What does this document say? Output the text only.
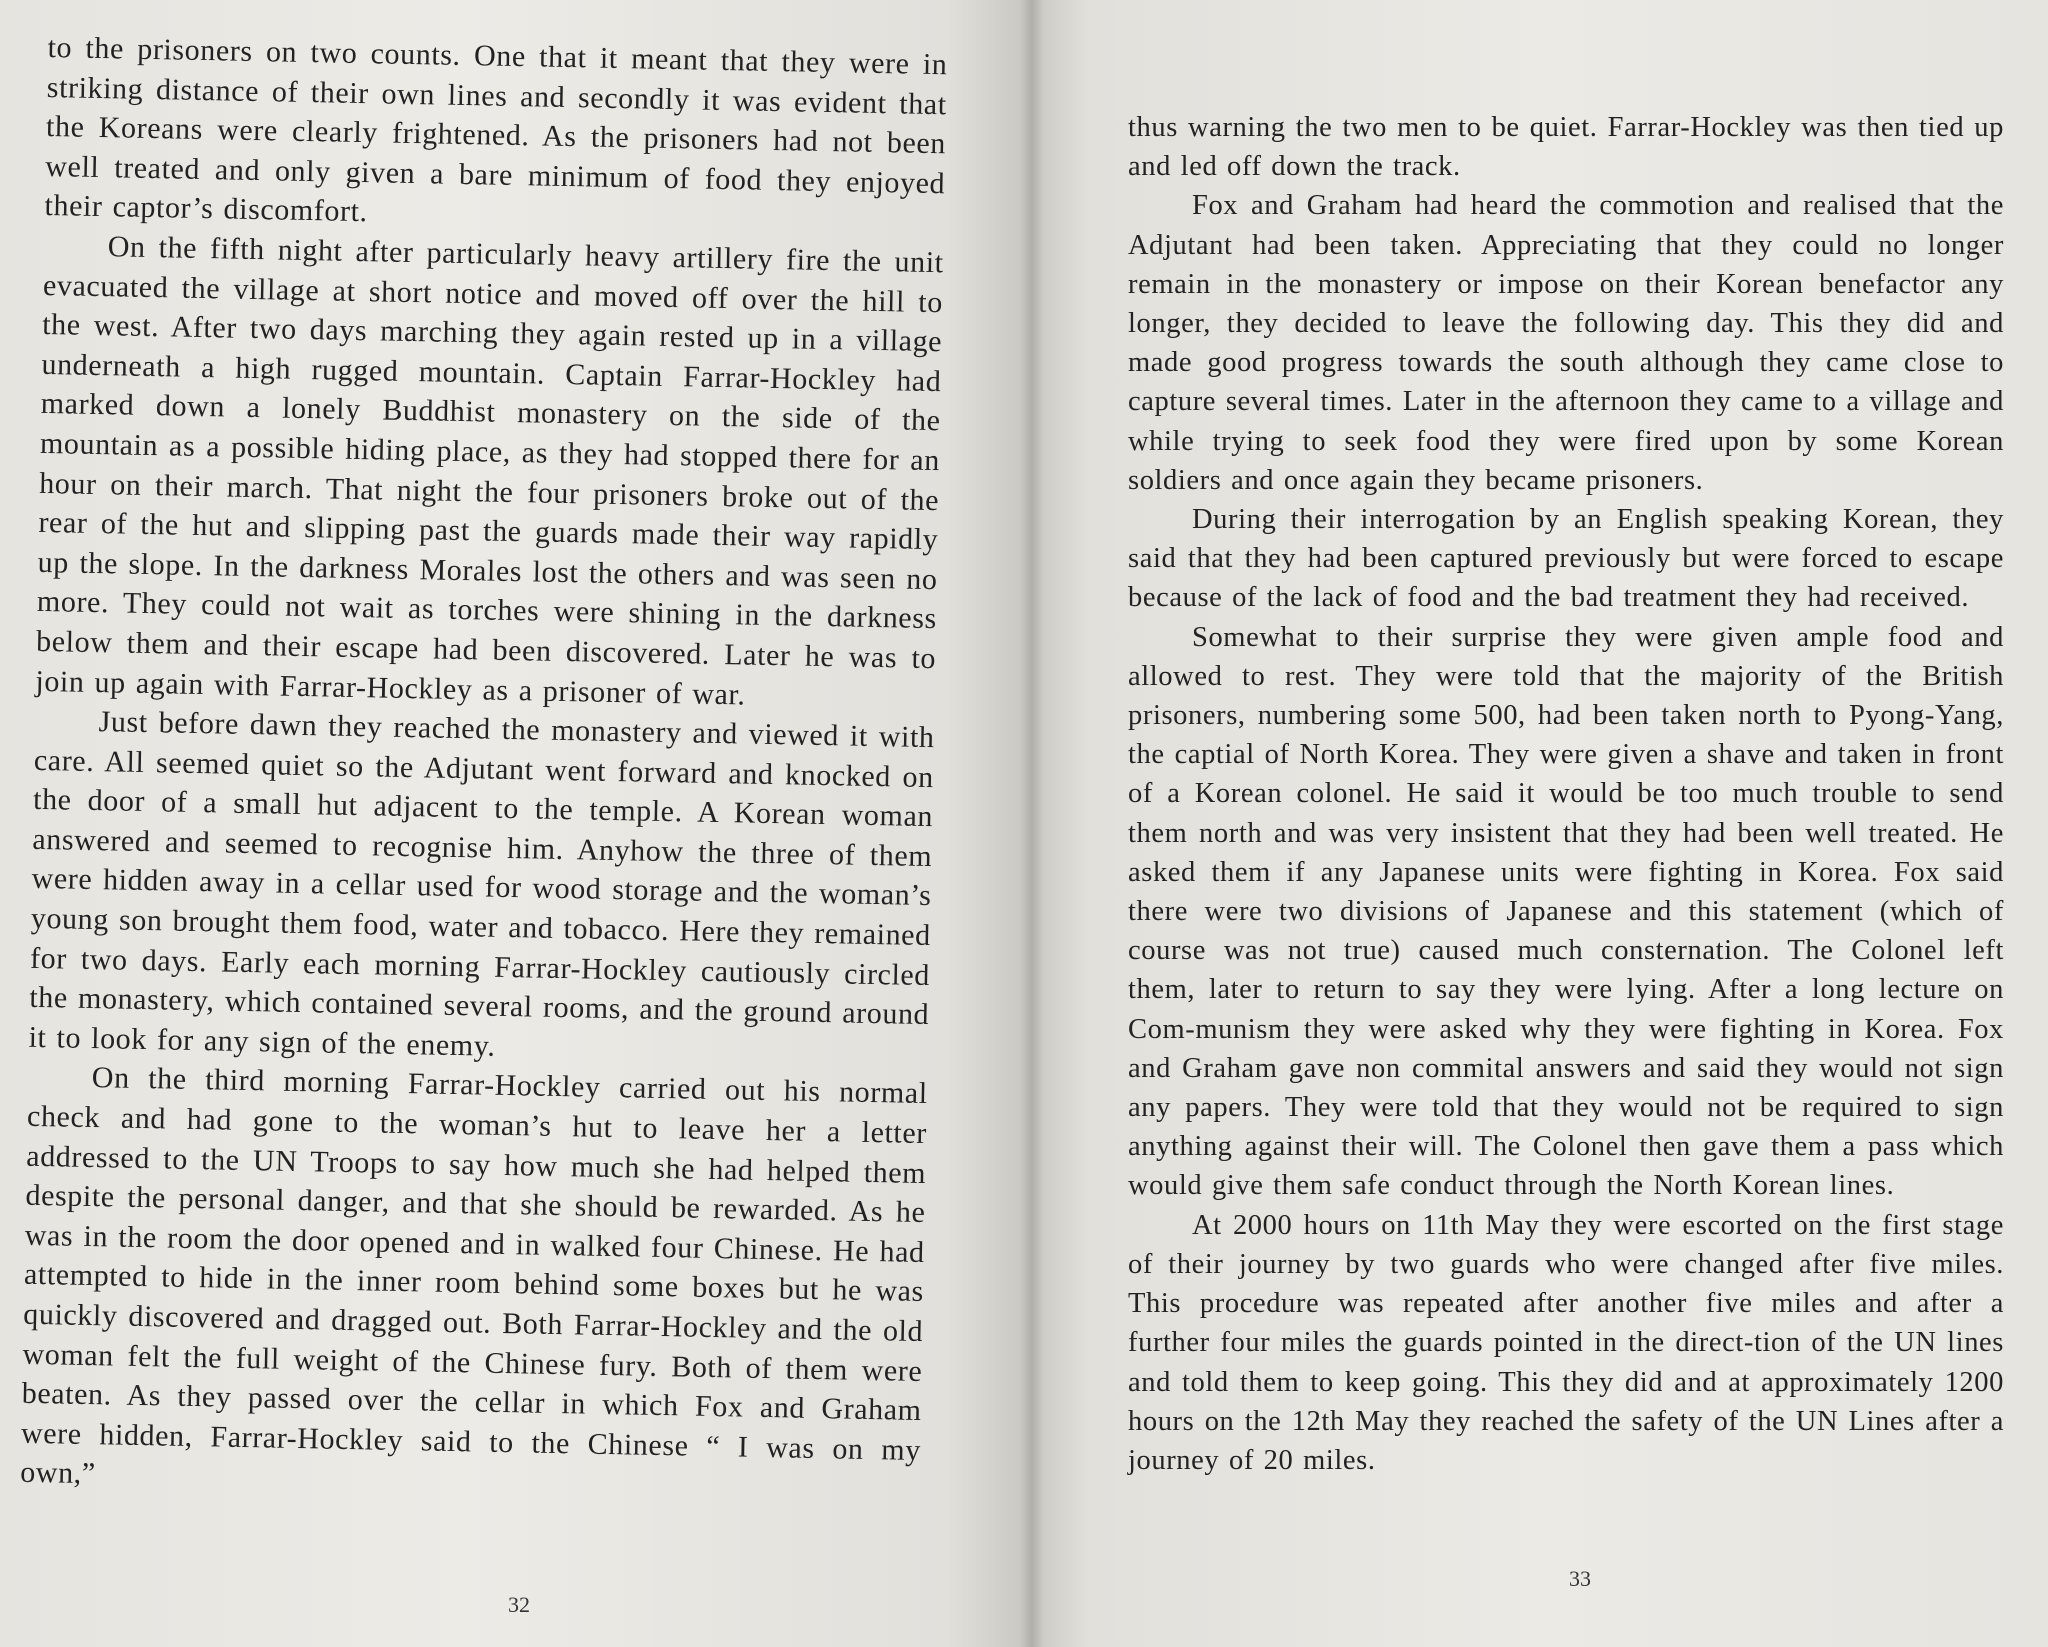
to the prisoners on two counts. One that it meant that they were in striking distance of their own lines and secondly it was evident that the Koreans were clearly frightened. As the prisoners had not been well treated and only given a bare minimum of food they enjoyed their captor’s discomfort.

On the fifth night after particularly heavy artillery fire the unit evacuated the village at short notice and moved off over the hill to the west. After two days marching they again rested up in a village underneath a high rugged mountain. Captain Farrar-Hockley had marked down a lonely Buddhist monastery on the side of the mountain as a possible hiding place, as they had stopped there for an hour on their march. That night the four prisoners broke out of the rear of the hut and slipping past the guards made their way rapidly up the slope. In the darkness Morales lost the others and was seen no more. They could not wait as torches were shining in the darkness below them and their escape had been discovered. Later he was to join up again with Farrar-Hockley as a prisoner of war.

Just before dawn they reached the monastery and viewed it with care. All seemed quiet so the Adjutant went forward and knocked on the door of a small hut adjacent to the temple. A Korean woman answered and seemed to recognise him. Anyhow the three of them were hidden away in a cellar used for wood storage and the woman’s young son brought them food, water and tobacco. Here they remained for two days. Early each morning Farrar-Hockley cautiously circled the monastery, which contained several rooms, and the ground around it to look for any sign of the enemy.

On the third morning Farrar-Hockley carried out his normal check and had gone to the woman’s hut to leave her a letter addressed to the UN Troops to say how much she had helped them despite the personal danger, and that she should be rewarded. As he was in the room the door opened and in walked four Chinese. He had attempted to hide in the inner room behind some boxes but he was quickly discovered and dragged out. Both Farrar-Hockley and the old woman felt the full weight of the Chinese fury. Both of them were beaten. As they passed over the cellar in which Fox and Graham were hidden, Farrar-Hockley said to the Chinese “ I was on my own,”

32

thus warning the two men to be quiet. Farrar-Hockley was then tied up and led off down the track.

Fox and Graham had heard the commotion and realised that the Adjutant had been taken. Appreciating that they could no longer remain in the monastery or impose on their Korean benefactor any longer, they decided to leave the following day. This they did and made good progress towards the south although they came close to capture several times. Later in the afternoon they came to a village and while trying to seek food they were fired upon by some Korean soldiers and once again they became prisoners.

During their interrogation by an English speaking Korean, they said that they had been captured previously but were forced to escape because of the lack of food and the bad treatment they had received.

Somewhat to their surprise they were given ample food and allowed to rest. They were told that the majority of the British prisoners, numbering some 500, had been taken north to Pyong-Yang, the captial of North Korea. They were given a shave and taken in front of a Korean colonel. He said it would be too much trouble to send them north and was very insistent that they had been well treated. He asked them if any Japanese units were fighting in Korea. Fox said there were two divisions of Japanese and this statement (which of course was not true) caused much consternation. The Colonel left them, later to return to say they were lying. After a long lecture on Com-munism they were asked why they were fighting in Korea. Fox and Graham gave non commital answers and said they would not sign any papers. They were told that they would not be required to sign anything against their will. The Colonel then gave them a pass which would give them safe conduct through the North Korean lines.

At 2000 hours on 11th May they were escorted on the first stage of their journey by two guards who were changed after five miles. This procedure was repeated after another five miles and after a further four miles the guards pointed in the direct-tion of the UN lines and told them to keep going. This they did and at approximately 1200 hours on the 12th May they reached the safety of the UN Lines after a journey of 20 miles.

33
